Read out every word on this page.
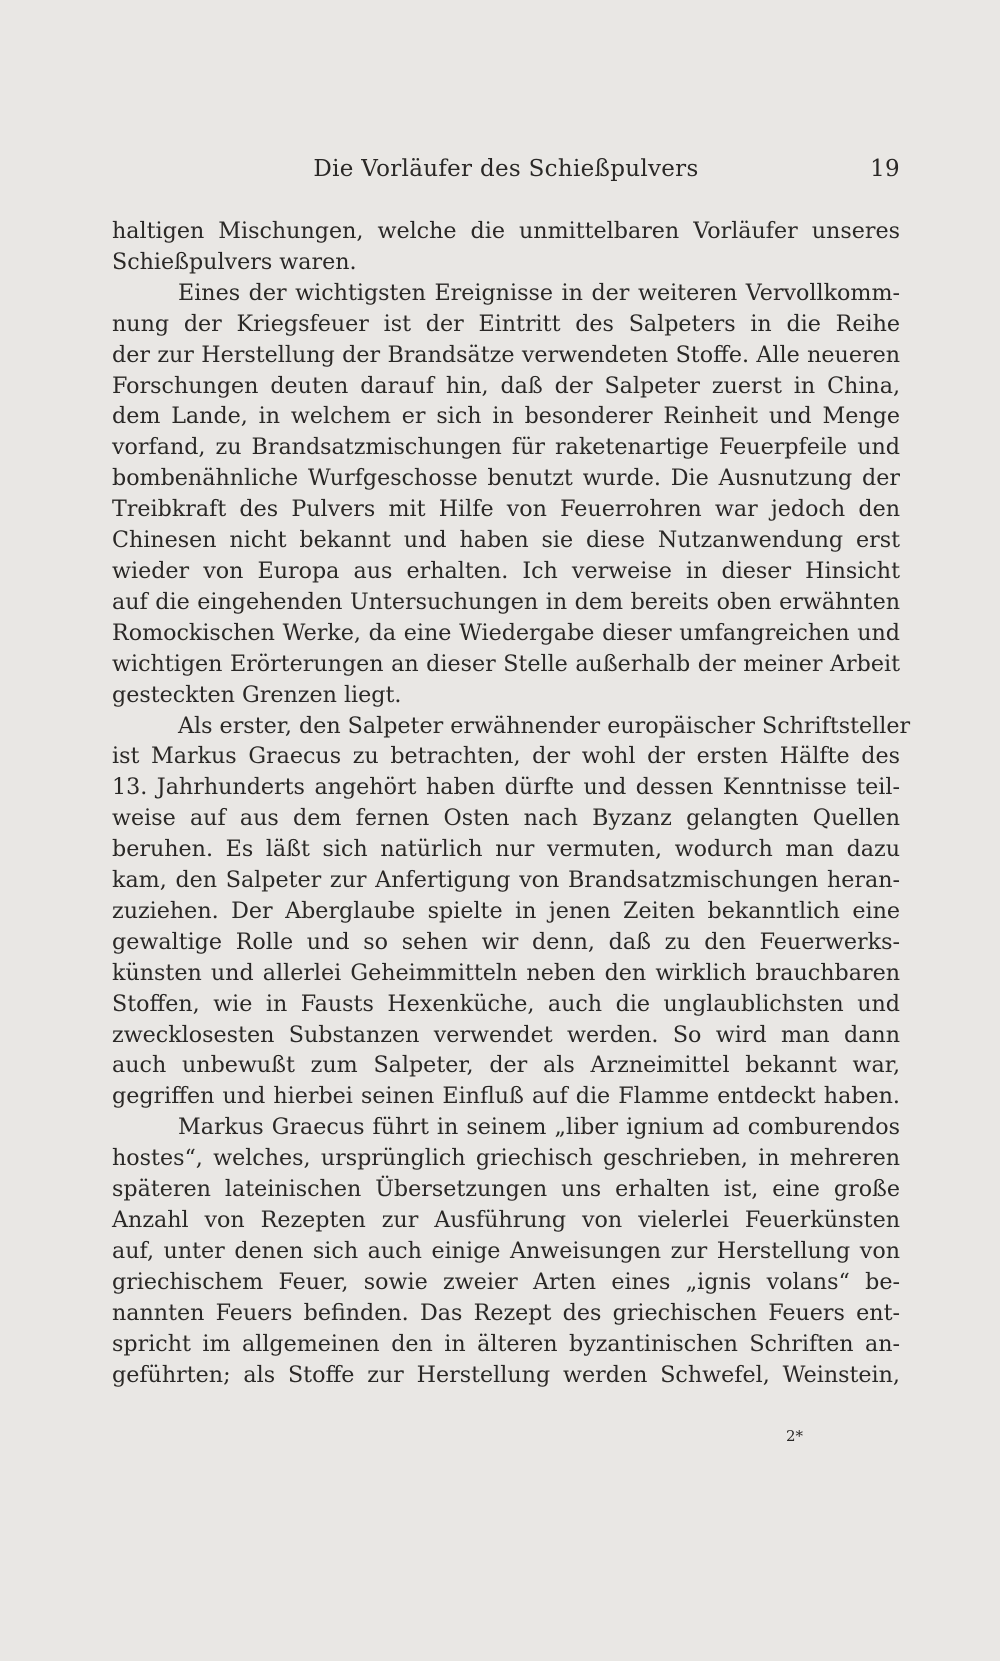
Die Vorläufer des Schießpulvers	19
haltigen Mischungen, welche die unmittelbaren Vorläufer unseres
Schießpulvers waren.
Eines der wichtigsten Ereignisse in der weiteren Vervollkomm-
nung der Kriegsfeuer ist der Eintritt des Salpeters in die Reihe
der zur Herstellung der Brandsätze verwendeten Stoffe. Alle neueren
Forschungen deuten darauf hin, daß der Salpeter zuerst in China,
dem Lande, in welchem er sich in besonderer Reinheit und Menge
vorfand, zu Brandsatzmischungen für raketenartige Feuerpfeile und
bombenähnliche Wurfgeschosse benutzt wurde. Die Ausnutzung der
Treibkraft des Pulvers mit Hilfe von Feuerrohren war jedoch den
Chinesen nicht bekannt und haben sie diese Nutzanwendung erst
wieder von Europa aus erhalten. Ich verweise in dieser Hinsicht
auf die eingehenden Untersuchungen in dem bereits oben erwähnten
Romockischen Werke, da eine Wiedergabe dieser umfangreichen und
wichtigen Erörterungen an dieser Stelle außerhalb der meiner Arbeit
gesteckten Grenzen liegt.
Als erster, den Salpeter erwähnender europäischer Schriftsteller
ist Markus Graecus zu betrachten, der wohl der ersten Hälfte des
13. Jahrhunderts angehört haben dürfte und dessen Kenntnisse teil-
weise auf aus dem fernen Osten nach Byzanz gelangten Quellen
beruhen. Es läßt sich natürlich nur vermuten, wodurch man dazu
kam, den Salpeter zur Anfertigung von Brandsatzmischungen heran-
zuziehen. Der Aberglaube spielte in jenen Zeiten bekanntlich eine
gewaltige Rolle und so sehen wir denn, daß zu den Feuerwerks-
künsten und allerlei Geheimmitteln neben den wirklich brauchbaren
Stoffen, wie in Fausts Hexenküche, auch die unglaublichsten und
zwecklosesten Substanzen verwendet werden. So wird man dann
auch unbewußt zum Salpeter, der als Arzneimittel bekannt war,
gegriffen und hierbei seinen Einfluß auf die Flamme entdeckt haben.
Markus Graecus führt in seinem „liber ignium ad comburendos
hostes“, welches, ursprünglich griechisch geschrieben, in mehreren
späteren lateinischen Übersetzungen uns erhalten ist, eine große
Anzahl von Rezepten zur Ausführung von vielerlei Feuerkünsten
auf, unter denen sich auch einige Anweisungen zur Herstellung von
griechischem Feuer, sowie zweier Arten eines „ignis volans“ be-
nannten Feuers befinden. Das Rezept des griechischen Feuers ent-
spricht im allgemeinen den in älteren byzantinischen Schriften an-
geführten; als Stoffe zur Herstellung werden Schwefel, Weinstein,
2*
